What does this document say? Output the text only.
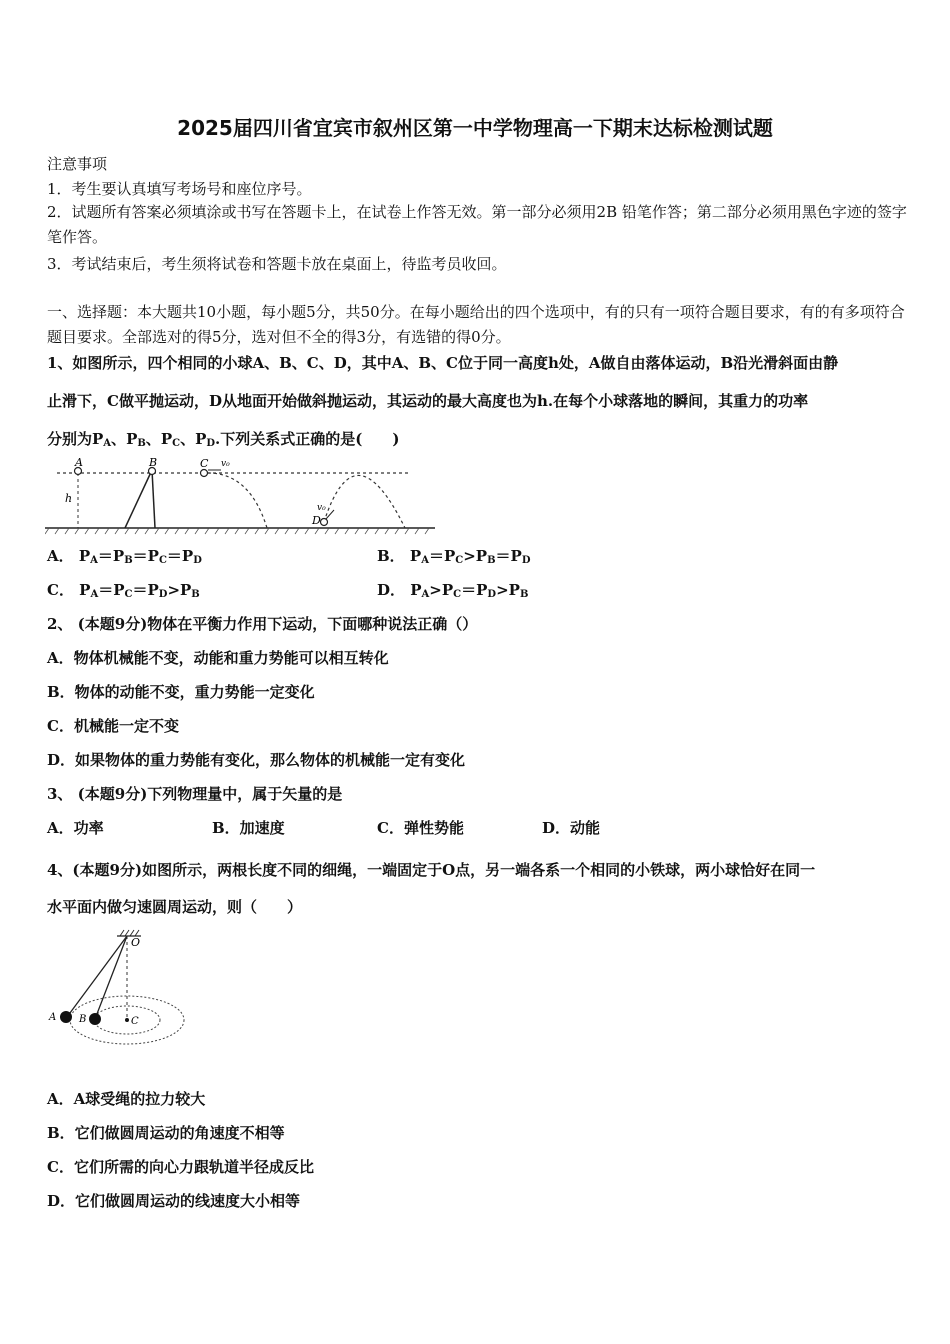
2025届四川省宜宾市叙州区第一中学物理高一下期末达标检测试题
注意事项
1．考生要认真填写考场号和座位序号。
2．试题所有答案必须填涂或书写在答题卡上，在试卷上作答无效。第一部分必须用2B 铅笔作答；第二部分必须用黑色字迹的签字笔作答。
3．考试结束后，考生须将试卷和答题卡放在桌面上，待监考员收回。
一、选择题：本大题共10小题，每小题5分，共50分。在每小题给出的四个选项中，有的只有一项符合题目要求，有的有多项符合题目要求。全部选对的得5分，选对但不全的得3分，有选错的得0分。
1、如图所示，四个相同的小球A、B、C、D，其中A、B、C位于同一高度h处，A做自由落体运动，B沿光滑斜面由静
止滑下，C做平抛运动，D从地面开始做斜抛运动，其运动的最大高度也为h.在每个小球落地的瞬间，其重力的功率
分别为$P_A$、$P_B$、$P_C$、$P_D$.下列关系式正确的是(　　)
h
A	B	C v₀
D
v₀
A． $P_A=P_B=P_C=P_D$	B． $P_A=P_C>P_B=P_D$
C． $P_A=P_C=P_D>P_B$	D． $P_A>P_C=P_D>P_B$
2、 (本题9分)物体在平衡力作用下运动，下面哪种说法正确（）
A．物体机械能不变，动能和重力势能可以相互转化
B．物体的动能不变，重力势能一定变化
C．机械能一定不变
D．如果物体的重力势能有变化，那么物体的机械能一定有变化
3、 (本题9分)下列物理量中，属于矢量的是
A．功率	B．加速度	C．弹性势能	D．动能
4、(本题9分)如图所示，两根长度不同的细绳，一端固定于O点，另一端各系一个相同的小铁球，两小球恰好在同一
水平面内做匀速圆周运动，则（　　）
O
A B	C
A．A球受绳的拉力较大
B．它们做圆周运动的角速度不相等
C．它们所需的向心力跟轨道半径成反比
D．它们做圆周运动的线速度大小相等
